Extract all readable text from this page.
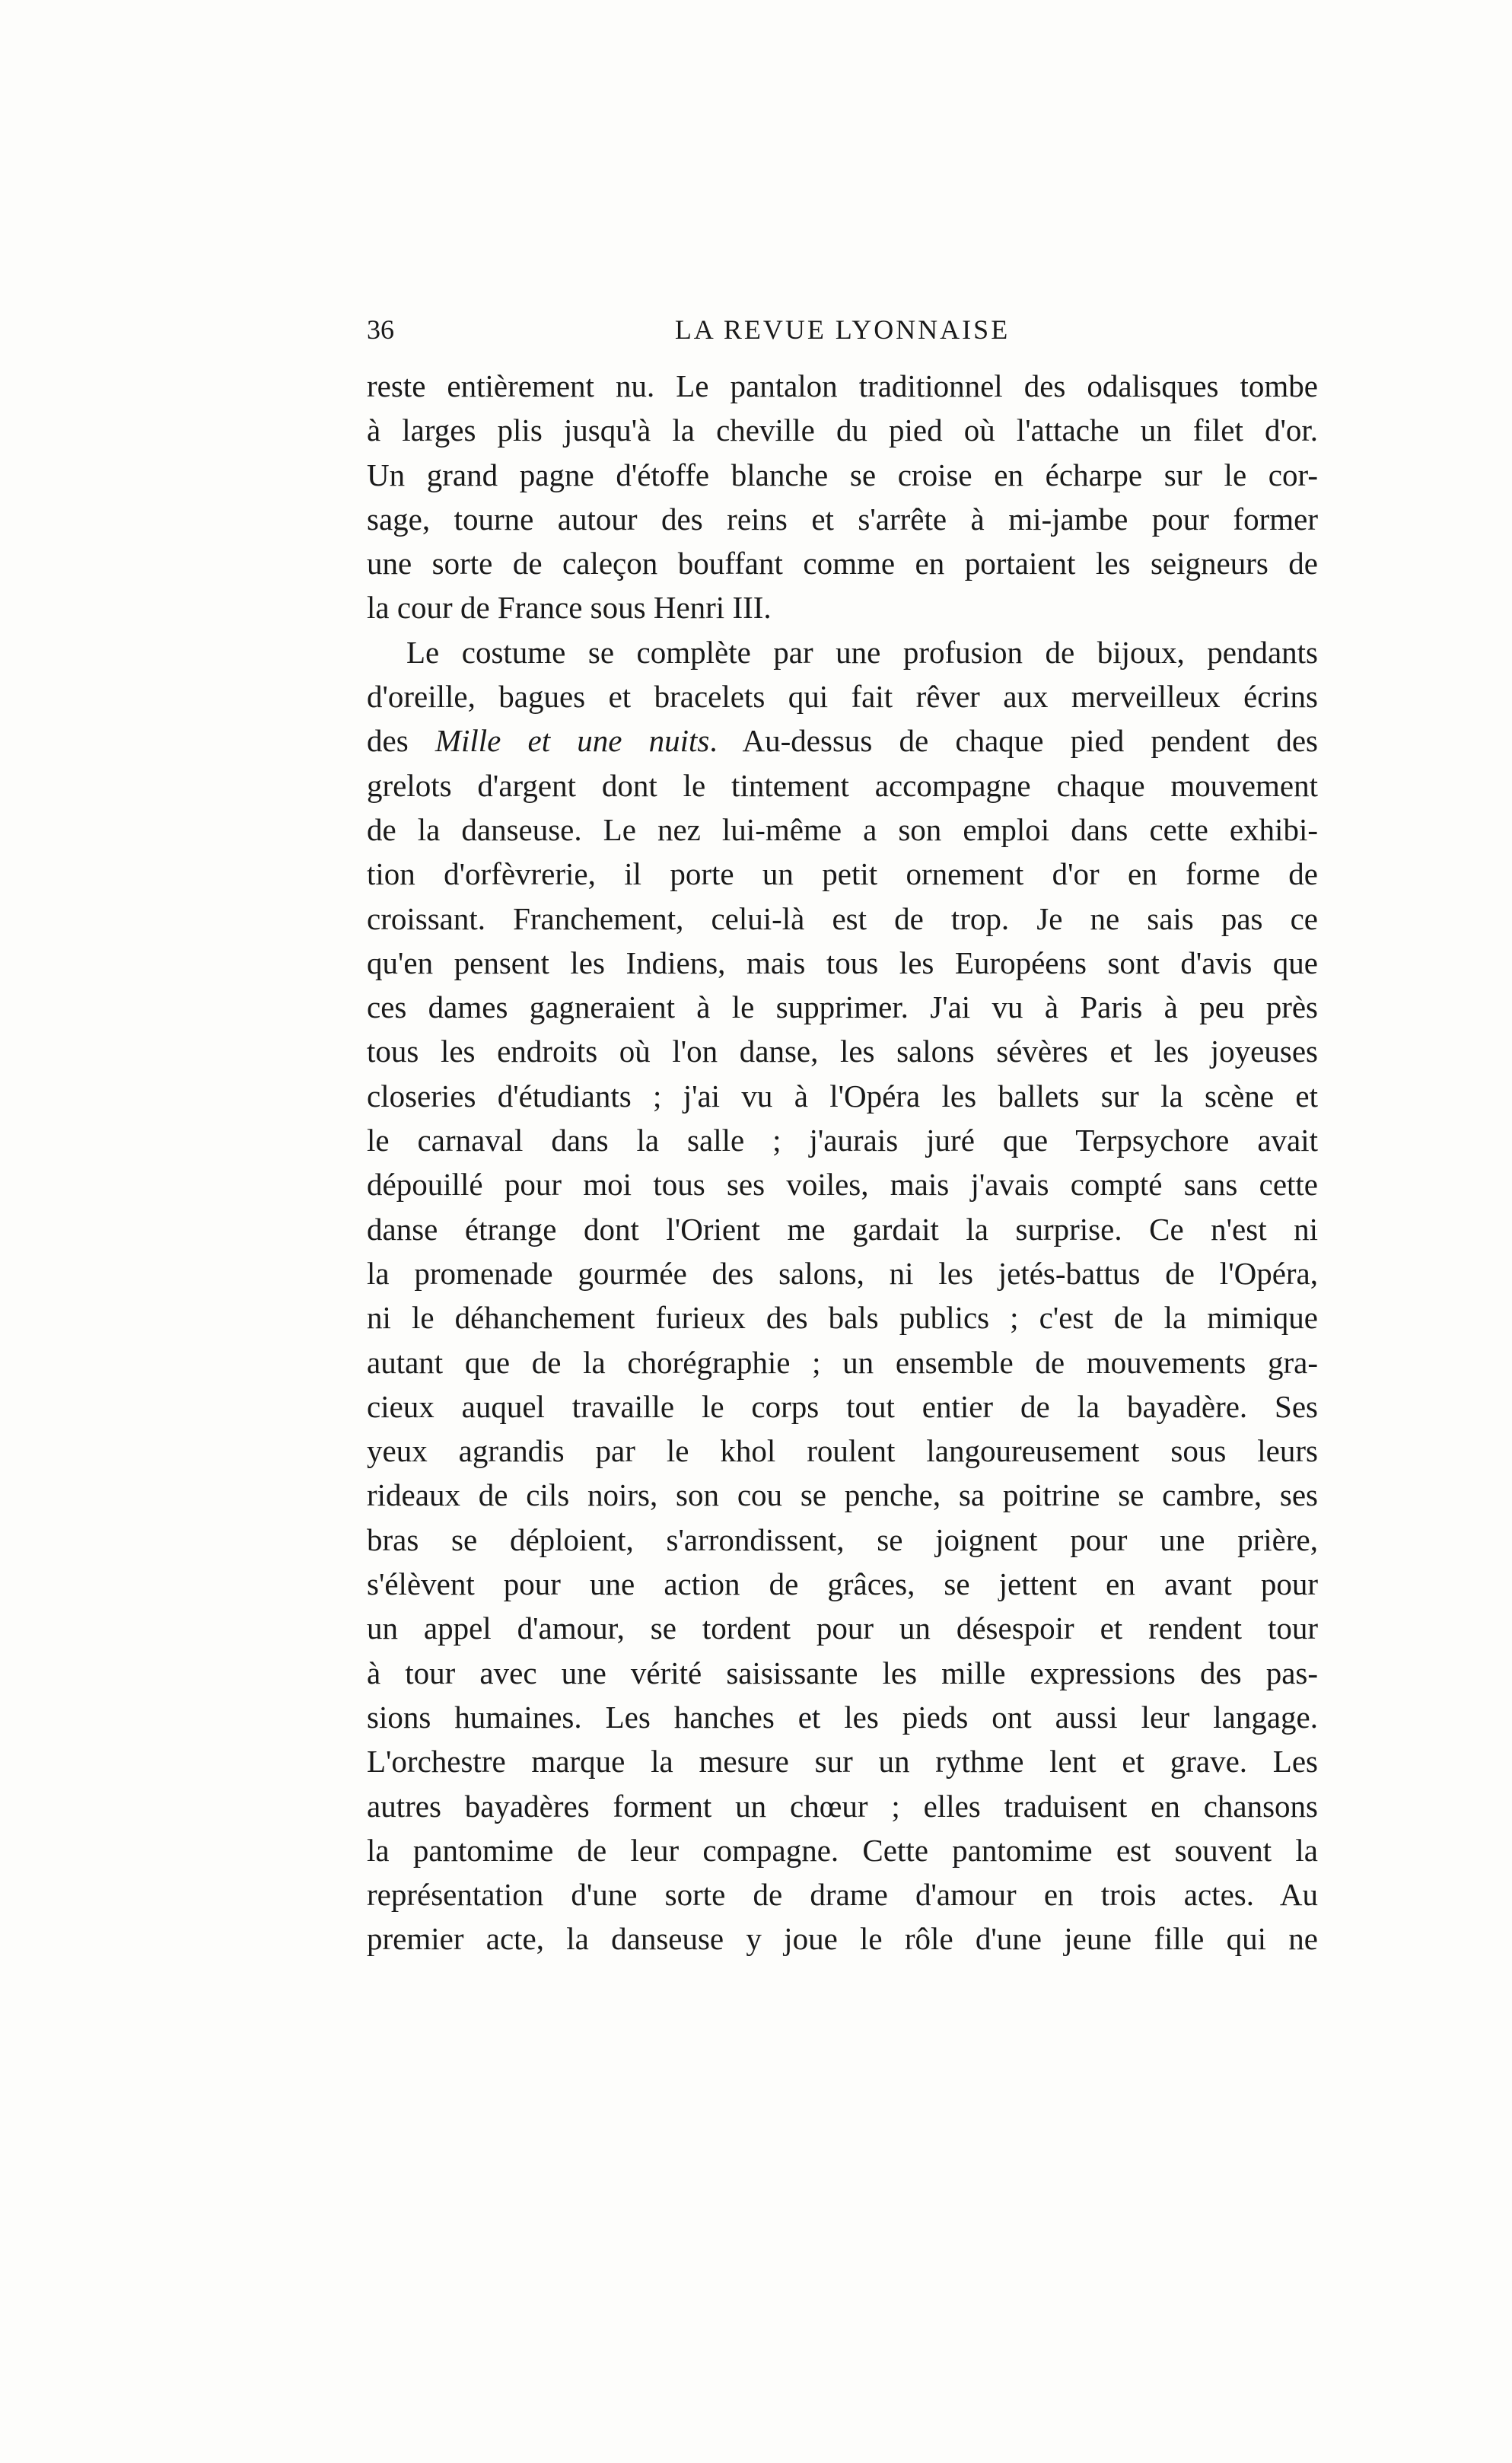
36	LA REVUE LYONNAISE
reste entièrement nu. Le pantalon traditionnel des odalisques tombe
à larges plis jusqu'à la cheville du pied où l'attache un filet d'or.
Un grand pagne d'étoffe blanche se croise en écharpe sur le cor-
sage, tourne autour des reins et s'arrête à mi-jambe pour former
une sorte de caleçon bouffant comme en portaient les seigneurs de
la cour de France sous Henri III.
Le costume se complète par une profusion de bijoux, pendants
d'oreille, bagues et bracelets qui fait rêver aux merveilleux écrins
des Mille et une nuits. Au-dessus de chaque pied pendent des
grelots d'argent dont le tintement accompagne chaque mouvement
de la danseuse. Le nez lui-même a son emploi dans cette exhibi-
tion d'orfèvrerie, il porte un petit ornement d'or en forme de
croissant. Franchement, celui-là est de trop. Je ne sais pas ce
qu'en pensent les Indiens, mais tous les Européens sont d'avis que
ces dames gagneraient à le supprimer. J'ai vu à Paris à peu près
tous les endroits où l'on danse, les salons sévères et les joyeuses
closeries d'étudiants ; j'ai vu à l'Opéra les ballets sur la scène et
le carnaval dans la salle ; j'aurais juré que Terpsychore avait
dépouillé pour moi tous ses voiles, mais j'avais compté sans cette
danse étrange dont l'Orient me gardait la surprise. Ce n'est ni
la promenade gourmée des salons, ni les jetés-battus de l'Opéra,
ni le déhanchement furieux des bals publics ; c'est de la mimique
autant que de la chorégraphie ; un ensemble de mouvements gra-
cieux auquel travaille le corps tout entier de la bayadère. Ses
yeux agrandis par le khol roulent langoureusement sous leurs
rideaux de cils noirs, son cou se penche, sa poitrine se cambre, ses
bras se déploient, s'arrondissent, se joignent pour une prière,
s'élèvent pour une action de grâces, se jettent en avant pour
un appel d'amour, se tordent pour un désespoir et rendent tour
à tour avec une vérité saisissante les mille expressions des pas-
sions humaines. Les hanches et les pieds ont aussi leur langage.
L'orchestre marque la mesure sur un rythme lent et grave. Les
autres bayadères forment un chœur ; elles traduisent en chansons
la pantomime de leur compagne. Cette pantomime est souvent la
représentation d'une sorte de drame d'amour en trois actes. Au
premier acte, la danseuse y joue le rôle d'une jeune fille qui ne
